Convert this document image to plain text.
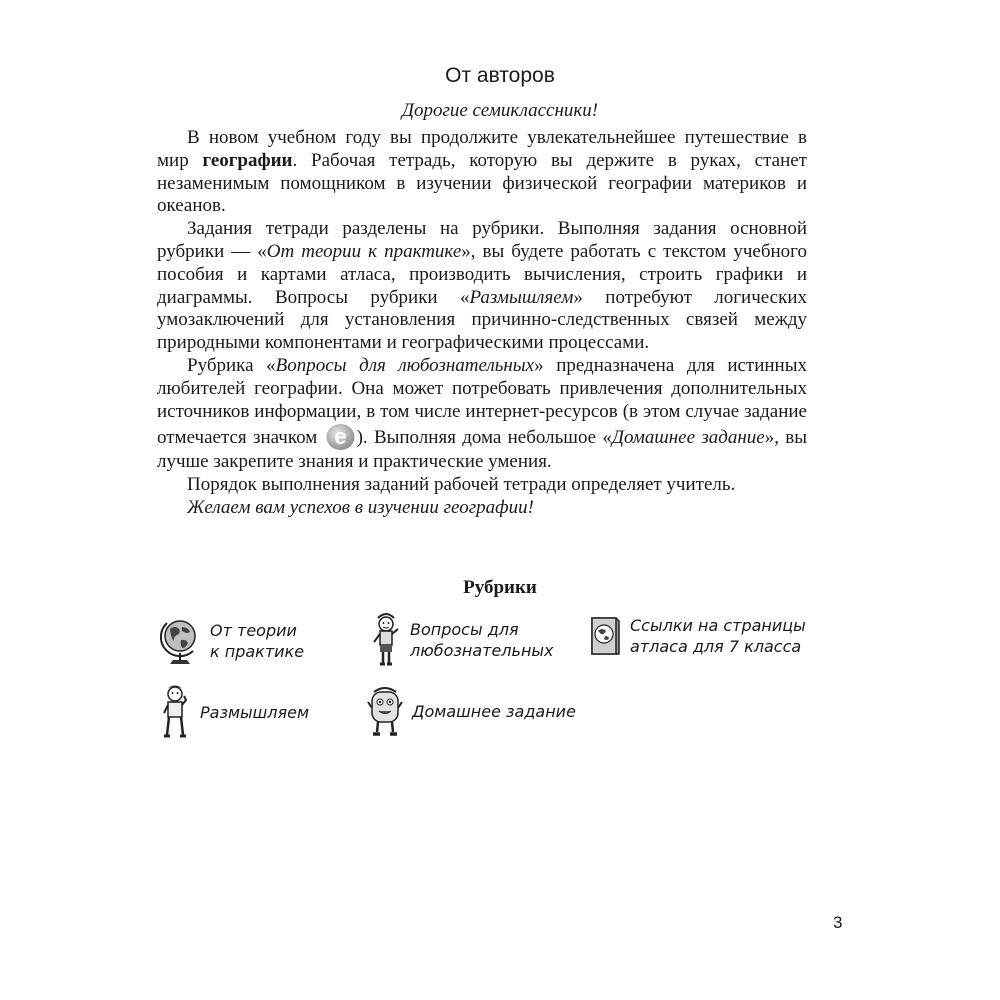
От авторов
Дорогие семиклассники!

В новом учебном году вы продолжите увлекательнейшее путешествие в мир географии. Рабочая тетрадь, которую вы держите в руках, станет незаменимым помощником в изучении физической географии материков и океанов.

Задания тетради разделены на рубрики. Выполняя задания основной рубрики — «От теории к практике», вы будете работать с текстом учебного пособия и картами атласа, производить вычисления, строить графики и диаграммы. Вопросы рубрики «Размышляем» потребуют логических умозаключений для установления причинно-следственных связей между природными компонентами и географическими процессами.

Рубрика «Вопросы для любознательных» предназначена для истинных любителей географии. Она может потребовать привлечения дополнительных источников информации, в том числе интернет-ресурсов (в этом случае задание отмечается значком e ). Выполняя дома небольшое «Домашнее задание», вы лучше закрепите знания и практические умения.

Порядок выполнения заданий рабочей тетради определяет учитель.

Желаем вам успехов в изучении географии!

Рубрики
От теории
к практике
Вопросы для
любознательных
Ссылки на страницы
атласа для 7 класса
Размышляем	Домашнее задание
3
